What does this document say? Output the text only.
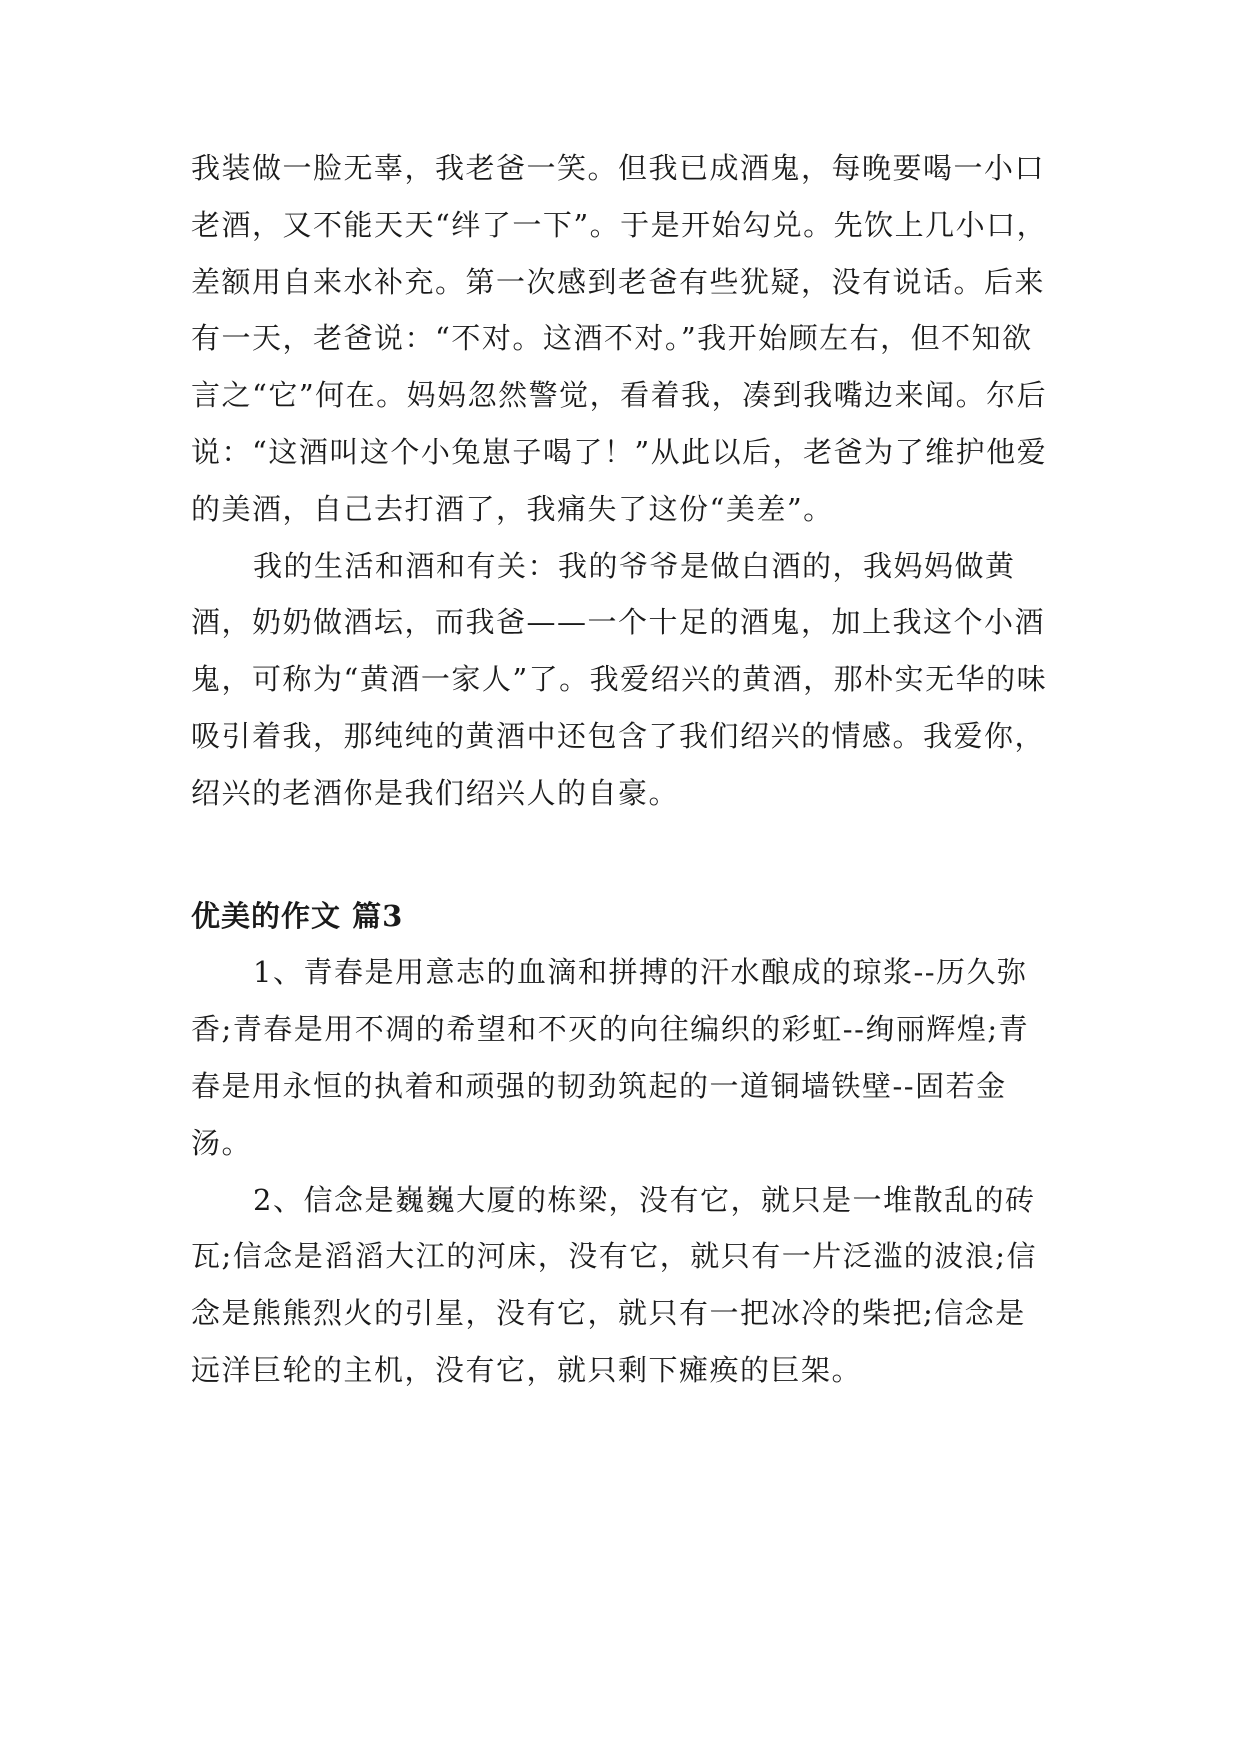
我装做一脸无辜，我老爸一笑。但我已成酒鬼，每晚要喝一小口老酒，又不能天天“绊了一下”。于是开始勾兑。先饮上几小口，差额用自来水补充。第一次感到老爸有些犹疑，没有说话。后来有一天，老爸说：“不对。这酒不对。”我开始顾左右，但不知欲言之“它”何在。妈妈忽然警觉，看着我，凑到我嘴边来闻。尔后说：“这酒叫这个小兔崽子喝了！”从此以后，老爸为了维护他爱的美酒，自己去打酒了，我痛失了这份“美差”。

我的生活和酒和有关：我的爷爷是做白酒的，我妈妈做黄酒，奶奶做酒坛，而我爸——一个十足的酒鬼，加上我这个小酒鬼，可称为“黄酒一家人”了。我爱绍兴的黄酒，那朴实无华的味吸引着我，那纯纯的黄酒中还包含了我们绍兴的情感。我爱你，绍兴的老酒你是我们绍兴人的自豪。

优美的作文 篇3

1、青春是用意志的血滴和拼搏的汗水酿成的琼浆--历久弥香;青春是用不凋的希望和不灭的向往编织的彩虹--绚丽辉煌;青春是用永恒的执着和顽强的韧劲筑起的一道铜墙铁壁--固若金汤。

2、信念是巍巍大厦的栋梁，没有它，就只是一堆散乱的砖瓦;信念是滔滔大江的河床，没有它，就只有一片泛滥的波浪;信念是熊熊烈火的引星，没有它，就只有一把冰冷的柴把;信念是远洋巨轮的主机，没有它，就只剩下瘫痪的巨架。
